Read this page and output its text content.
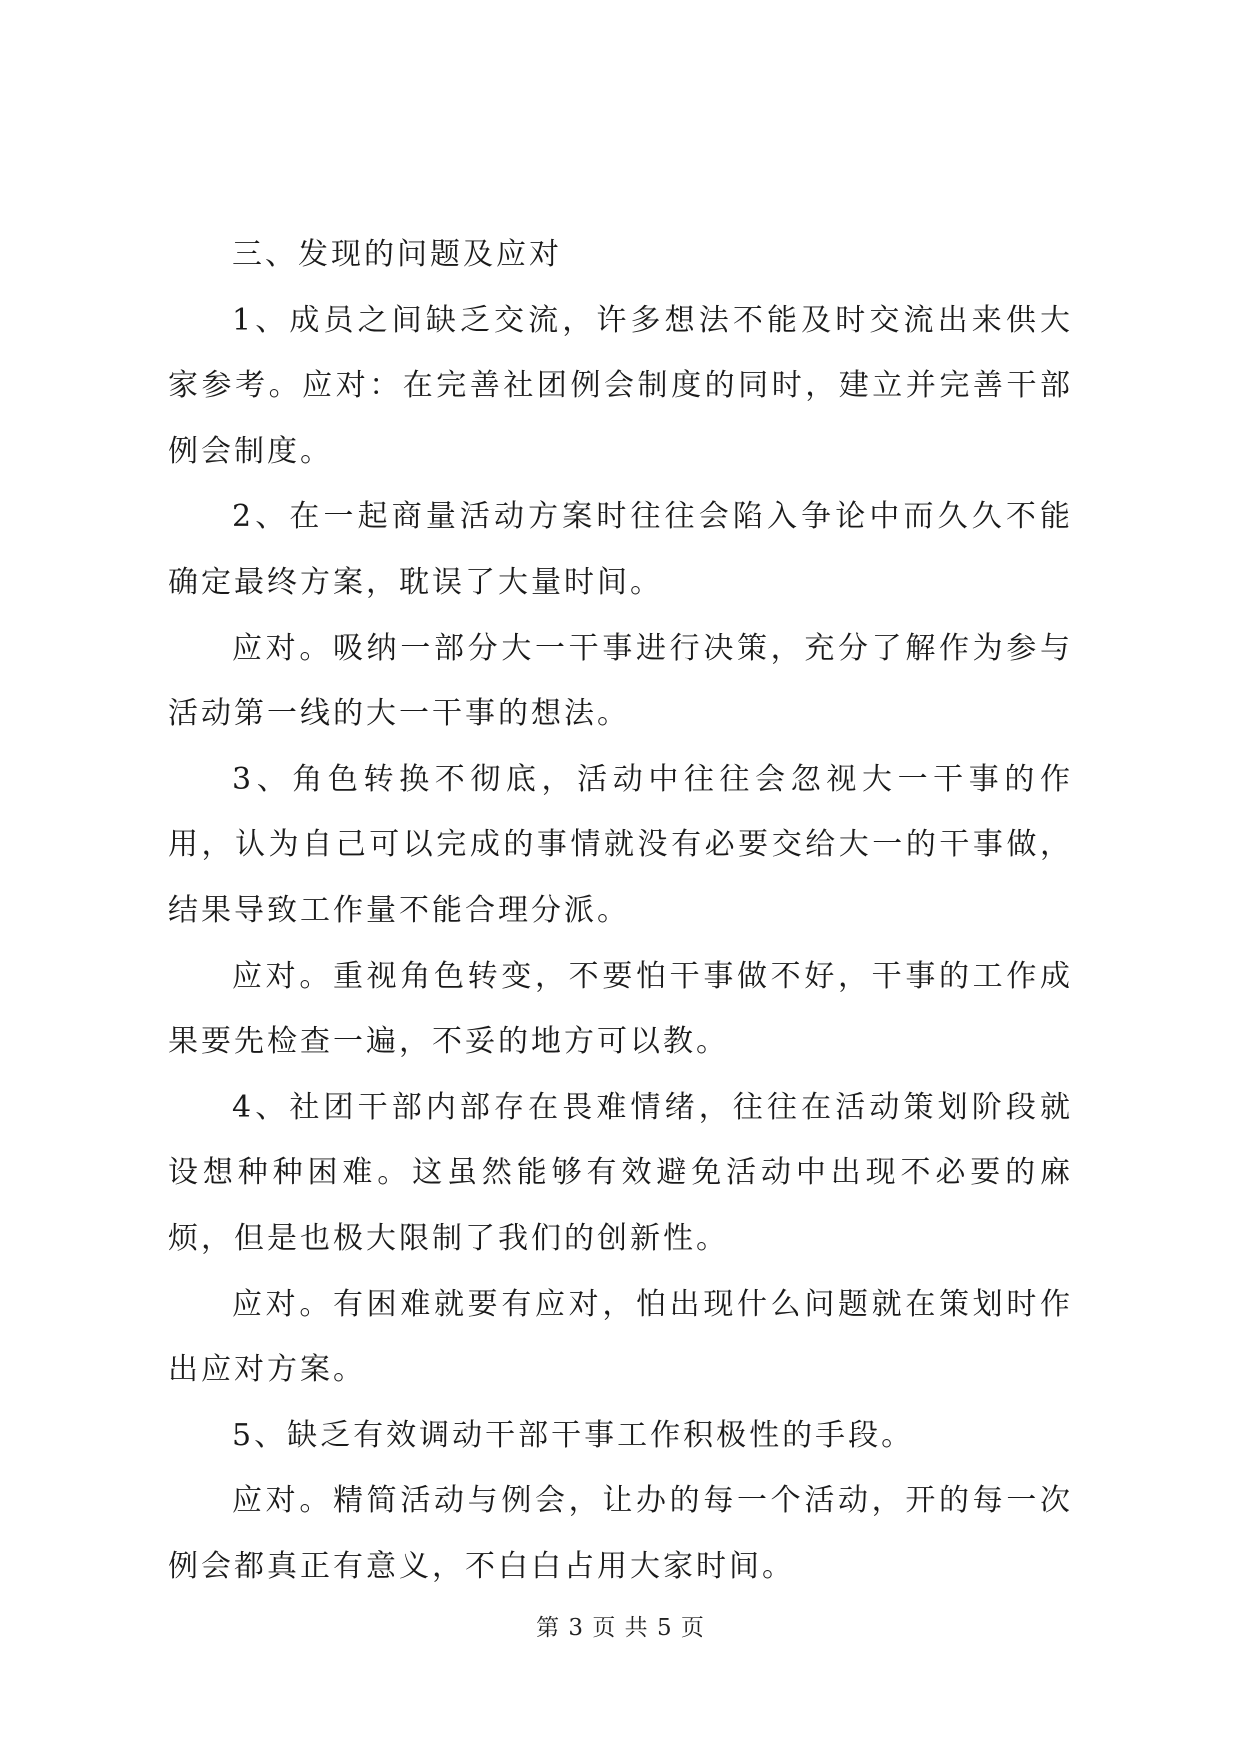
三、发现的问题及应对

1、成员之间缺乏交流，许多想法不能及时交流出来供大家参考。应对：在完善社团例会制度的同时，建立并完善干部例会制度。

2、在一起商量活动方案时往往会陷入争论中而久久不能确定最终方案，耽误了大量时间。

应对。吸纳一部分大一干事进行决策，充分了解作为参与活动第一线的大一干事的想法。

3、角色转换不彻底，活动中往往会忽视大一干事的作用，认为自己可以完成的事情就没有必要交给大一的干事做，结果导致工作量不能合理分派。

应对。重视角色转变，不要怕干事做不好，干事的工作成果要先检查一遍，不妥的地方可以教。

4、社团干部内部存在畏难情绪，往往在活动策划阶段就设想种种困难。这虽然能够有效避免活动中出现不必要的麻烦，但是也极大限制了我们的创新性。

应对。有困难就要有应对，怕出现什么问题就在策划时作出应对方案。

5、缺乏有效调动干部干事工作积极性的手段。

应对。精简活动与例会，让办的每一个活动，开的每一次例会都真正有意义，不白白占用大家时间。

第 3 页 共 5 页
